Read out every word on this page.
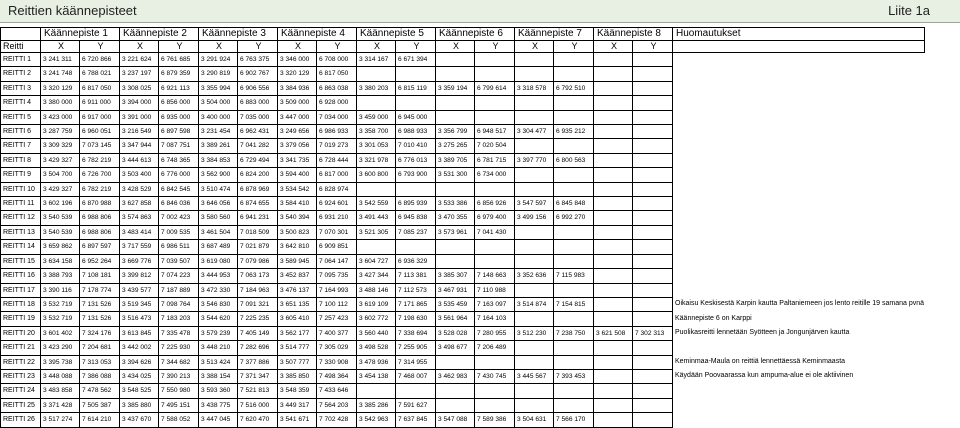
Reittien käännepisteet	Liite 1a
	Käännepiste 1		Käännepiste 2		Käännepiste 3		Käännepiste 4		Käännepiste 5		Käännepiste 6		Käännepiste 7		Käännepiste 8		Huomautukset
Reitti	X	Y	X	Y	X	Y	X	Y	X	Y	X	Y	X	Y	X	Y	
REITTI 1	3 241 311	6 720 866	3 221 624	6 761 685	3 291 924	6 763 375	3 346 000	6 708 000	3 314 167	6 671 394							
REITTI 2	3 241 748	6 788 021	3 237 197	6 879 359	3 290 819	6 902 767	3 320 129	6 817 050									
REITTI 3	3 320 129	6 817 050	3 308 025	6 921 113	3 355 994	6 906 556	3 384 936	6 863 038	3 380 203	6 815 119	3 359 194	6 799 614	3 318 578	6 792 510			
REITTI 4	3 380 000	6 911 000	3 394 000	6 856 000	3 504 000	6 883 000	3 509 000	6 928 000									
REITTI 5	3 423 000	6 917 000	3 391 000	6 935 000	3 400 000	7 035 000	3 447 000	7 034 000	3 459 000	6 945 000							
REITTI 6	3 287 759	6 960 051	3 216 549	6 897 598	3 231 454	6 962 431	3 249 656	6 986 933	3 358 700	6 988 933	3 356 799	6 948 517	3 304 477	6 935 212			
REITTI 7	3 309 329	7 073 145	3 347 944	7 087 751	3 389 261	7 041 282	3 379 056	7 019 273	3 301 053	7 010 410	3 275 265	7 020 504					
REITTI 8	3 429 327	6 782 219	3 444 613	6 748 365	3 384 853	6 729 494	3 341 735	6 728 444	3 321 978	6 776 013	3 389 705	6 781 715	3 397 770	6 800 563			
REITTI 9	3 504 700	6 726 700	3 503 400	6 776 000	3 562 900	6 824 200	3 594 400	6 817 000	3 600 800	6 793 900	3 531 300	6 734 000					
REITTI 10	3 429 327	6 782 219	3 428 529	6 842 545	3 510 474	6 878 969	3 534 542	6 828 974									
REITTI 11	3 602 196	6 870 988	3 627 858	6 846 036	3 646 056	6 874 655	3 584 410	6 924 601	3 542 559	6 895 939	3 533 386	6 856 926	3 547 597	6 845 848			
REITTI 12	3 540 539	6 988 806	3 574 863	7 002 423	3 580 560	6 941 231	3 540 394	6 931 210	3 491 443	6 945 838	3 470 355	6 979 400	3 499 156	6 992 270			
REITTI 13	3 540 539	6 988 806	3 483 414	7 009 535	3 461 504	7 018 509	3 500 823	7 070 301	3 521 305	7 085 237	3 573 961	7 041 430					
REITTI 14	3 659 862	6 897 597	3 717 559	6 986 511	3 687 489	7 021 879	3 642 810	6 909 851									
REITTI 15	3 634 158	6 952 264	3 669 776	7 039 507	3 619 080	7 079 986	3 589 945	7 064 147	3 604 727	6 936 329							
REITTI 16	3 388 793	7 108 181	3 399 812	7 074 223	3 444 953	7 063 173	3 452 837	7 095 735	3 427 344	7 113 381	3 385 307	7 148 663	3 352 636	7 115 983			
REITTI 17	3 390 116	7 178 774	3 439 577	7 187 889	3 472 330	7 184 963	3 476 137	7 164 993	3 488 146	7 112 573	3 467 931	7 110 988					
REITTI 18	3 532 719	7 131 526	3 519 345	7 098 764	3 546 830	7 091 321	3 651 135	7 100 112	3 619 109	7 171 865	3 535 459	7 163 097	3 514 874	7 154 815			Oikaisu Keskisestä Karpin kautta Paltaniemeen jos lento reitille 19 samana pvnä
REITTI 19	3 532 719	7 131 526	3 516 473	7 183 203	3 544 620	7 225 235	3 605 410	7 257 423	3 602 772	7 198 630	3 561 964	7 164 103					Käännepiste 6 on Karppi
REITTI 20	3 601 402	7 324 176	3 613 845	7 335 478	3 579 239	7 405 149	3 562 177	7 400 377	3 560 440	7 338 694	3 528 028	7 280 955	3 512 230	7 238 750	3 621 508	7 302 313	Puolikasreitti lennetään Syötteen ja Jongunjärven kautta
REITTI 21	3 423 290	7 204 681	3 442 002	7 225 930	3 448 210	7 282 696	3 514 777	7 305 029	3 498 528	7 255 905	3 498 677	7 206 489					
REITTI 22	3 395 738	7 313 053	3 394 626	7 344 682	3 513 424	7 377 886	3 507 777	7 330 908	3 478 936	7 314 955							Keminmaa-Maula on reittiä lennettäessä Keminmaasta
REITTI 23	3 448 088	7 386 088	3 434 025	7 390 213	3 388 154	7 371 347	3 385 850	7 498 364	3 454 138	7 468 007	3 462 983	7 430 745	3 445 567	7 393 453			Käydään Poovaarassa kun ampuma-alue ei ole aktiivinen
REITTI 24	3 483 858	7 478 562	3 548 525	7 550 980	3 593 360	7 521 813	3 548 359	7 433 646									
REITTI 25	3 371 428	7 505 387	3 385 880	7 495 151	3 438 775	7 516 000	3 449 317	7 564 203	3 385 286	7 591 627							
REITTI 26	3 517 274	7 614 210	3 437 670	7 588 052	3 447 045	7 620 470	3 541 671	7 702 428	3 542 963	7 637 845	3 547 088	7 589 386	3 504 631	7 566 170			
